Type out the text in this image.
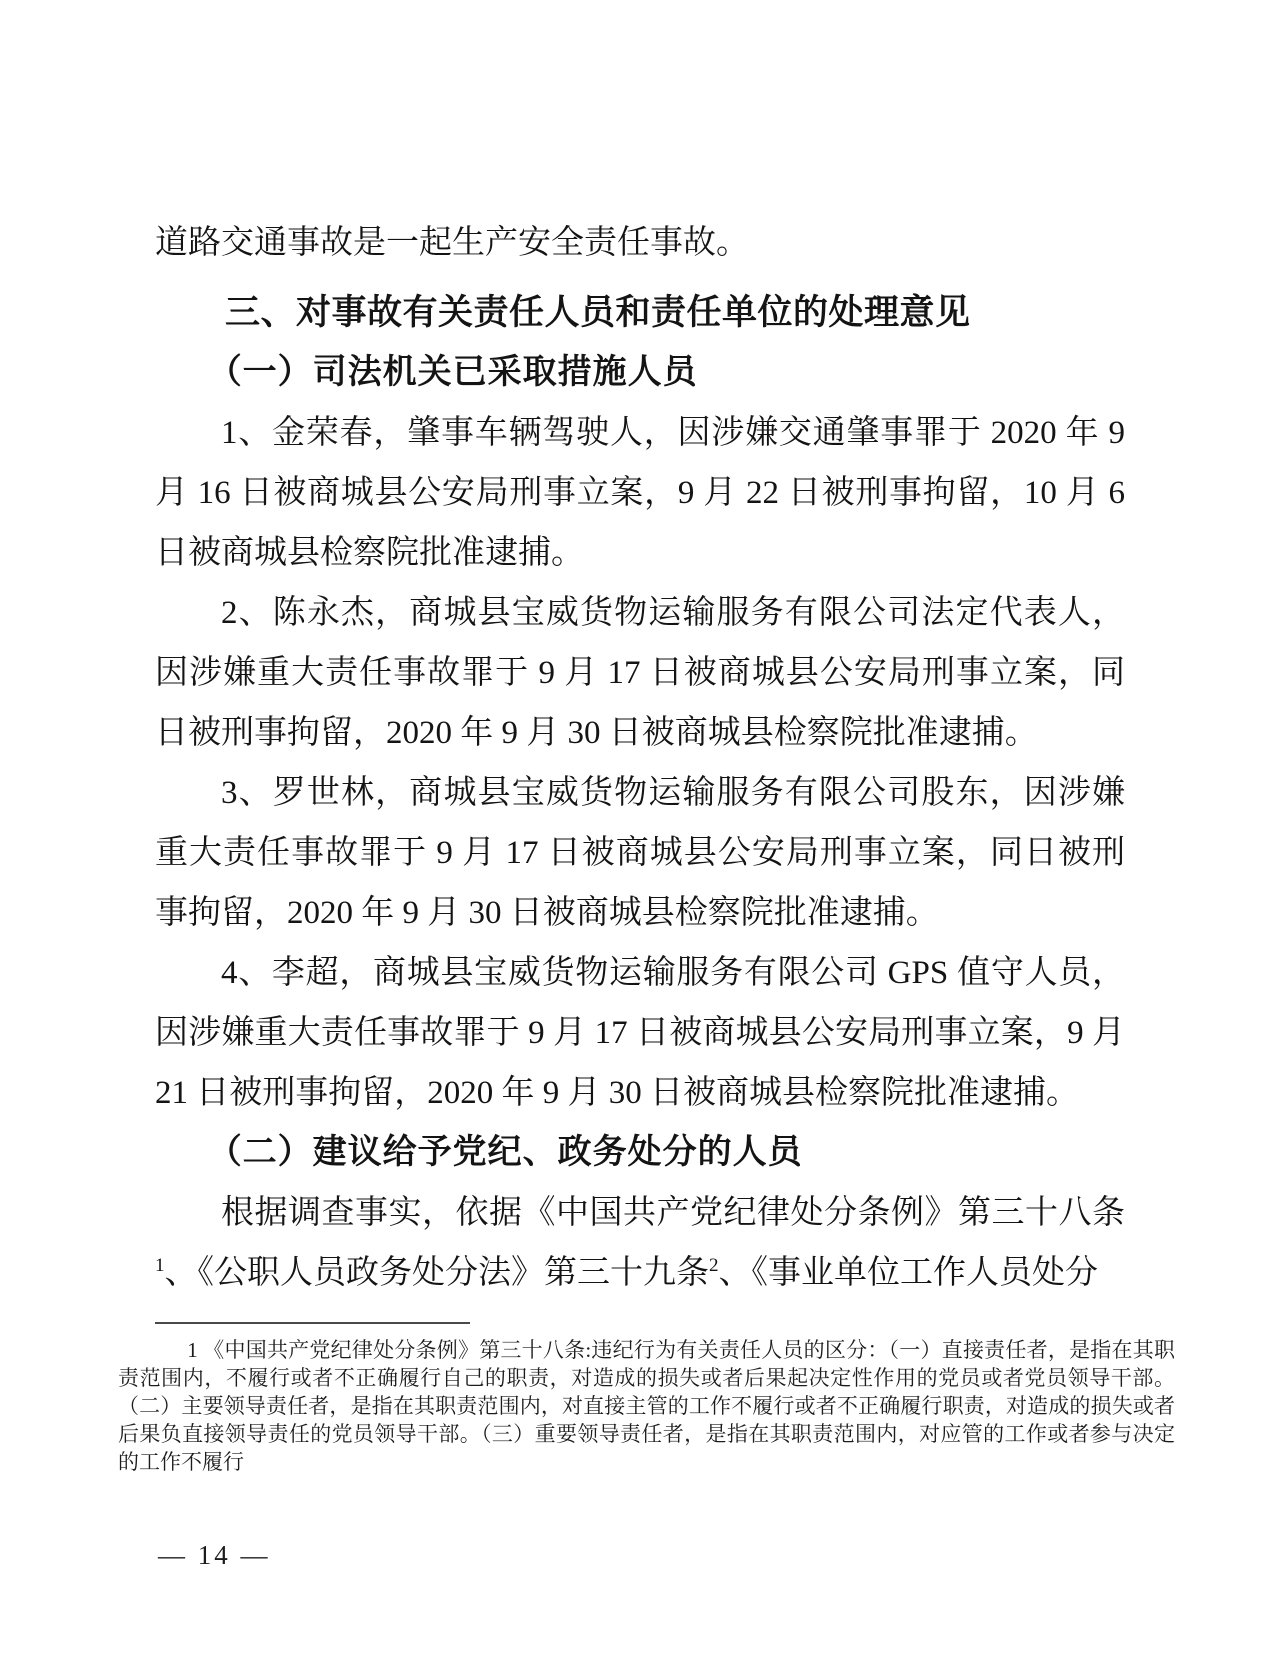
道路交通事故是一起生产安全责任事故。

三、对事故有关责任人员和责任单位的处理意见
（一）司法机关已采取措施人员

1、金荣春，肇事车辆驾驶人，因涉嫌交通肇事罪于 2020 年 9 月 16 日被商城县公安局刑事立案，9 月 22 日被刑事拘留，10 月 6 日被商城县检察院批准逮捕。

2、陈永杰，商城县宝威货物运输服务有限公司法定代表人，因涉嫌重大责任事故罪于 9 月 17 日被商城县公安局刑事立案，同日被刑事拘留，2020 年 9 月 30 日被商城县检察院批准逮捕。

3、罗世林，商城县宝威货物运输服务有限公司股东，因涉嫌重大责任事故罪于 9 月 17 日被商城县公安局刑事立案，同日被刑事拘留，2020 年 9 月 30 日被商城县检察院批准逮捕。

4、李超，商城县宝威货物运输服务有限公司 GPS 值守人员，因涉嫌重大责任事故罪于 9 月 17 日被商城县公安局刑事立案，9 月 21 日被刑事拘留，2020 年 9 月 30 日被商城县检察院批准逮捕。

（二）建议给予党纪、政务处分的人员

根据调查事实，依据《中国共产党纪律处分条例》第三十八条$^1$、《公职人员政务处分法》第三十九条$^2$、《事业单位工作人员处分

1 《中国共产党纪律处分条例》第三十八条:违纪行为有关责任人员的区分：（一）直接责任者，是指在其职责范围内，不履行或者不正确履行自己的职责，对造成的损失或者后果起决定性作用的党员或者党员领导干部。（二）主要领导责任者，是指在其职责范围内，对直接主管的工作不履行或者不正确履行职责，对造成的损失或者后果负直接领导责任的党员领导干部。（三）重要领导责任者，是指在其职责范围内，对应管的工作或者参与决定的工作不履行

— 14 —
